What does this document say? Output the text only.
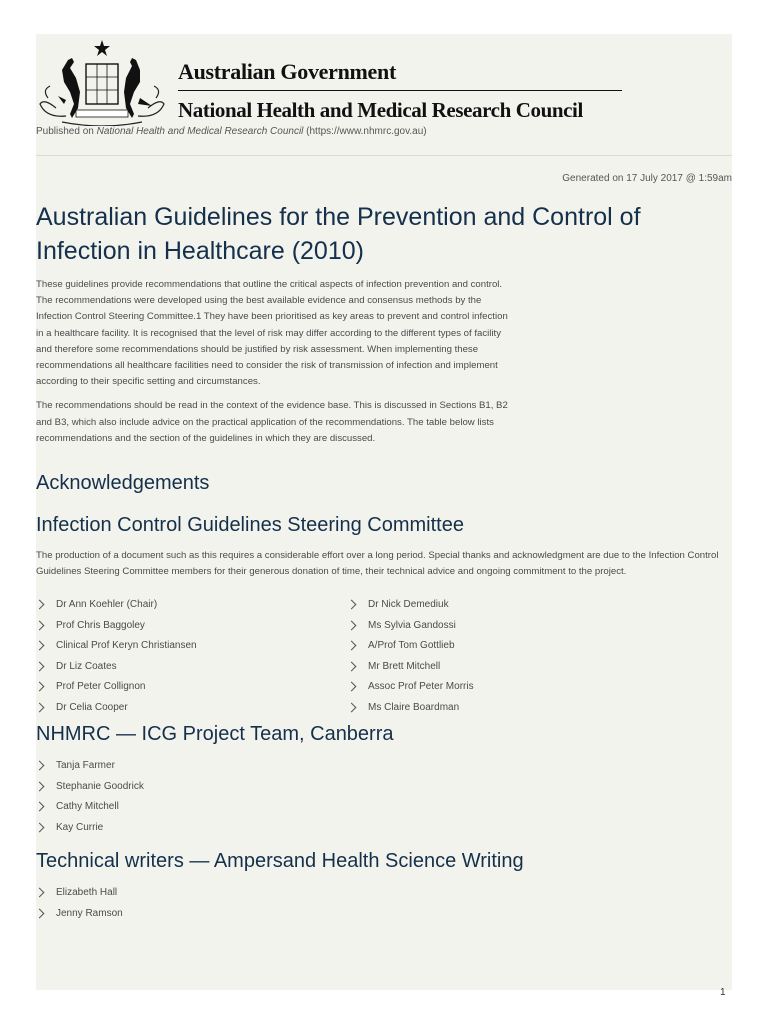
Australian Government
National Health and Medical Research Council
Published on National Health and Medical Research Council (https://www.nhmrc.gov.au)
Generated on 17 July 2017 @ 1:59am
Australian Guidelines for the Prevention and Control of Infection in Healthcare (2010)

These guidelines provide recommendations that outline the critical aspects of infection prevention and control. The recommendations were developed using the best available evidence and consensus methods by the Infection Control Steering Committee.1 They have been prioritised as key areas to prevent and control infection in a healthcare facility. It is recognised that the level of risk may differ according to the different types of facility and therefore some recommendations should be justified by risk assessment. When implementing these recommendations all healthcare facilities need to consider the risk of transmission of infection and implement according to their specific setting and circumstances.

The recommendations should be read in the context of the evidence base. This is discussed in Sections B1, B2 and B3, which also include advice on the practical application of the recommendations. The table below lists recommendations and the section of the guidelines in which they are discussed.

Acknowledgements
Infection Control Guidelines Steering Committee

The production of a document such as this requires a considerable effort over a long period. Special thanks and acknowledgment are due to the Infection Control Guidelines Steering Committee members for their generous donation of time, their technical advice and ongoing commitment to the project.

Dr Ann Koehler (Chair)
Prof Chris Baggoley
Clinical Prof Keryn Christiansen
Dr Liz Coates
Prof Peter Collignon
Dr Celia Cooper
Dr Nick Demediuk
Ms Sylvia Gandossi
A/Prof Tom Gottlieb
Mr Brett Mitchell
Assoc Prof Peter Morris
Ms Claire Boardman
NHMRC — ICG Project Team, Canberra
Tanja Farmer
Stephanie Goodrick
Cathy Mitchell
Kay Currie
Technical writers — Ampersand Health Science Writing
Elizabeth Hall
Jenny Ramson
1
